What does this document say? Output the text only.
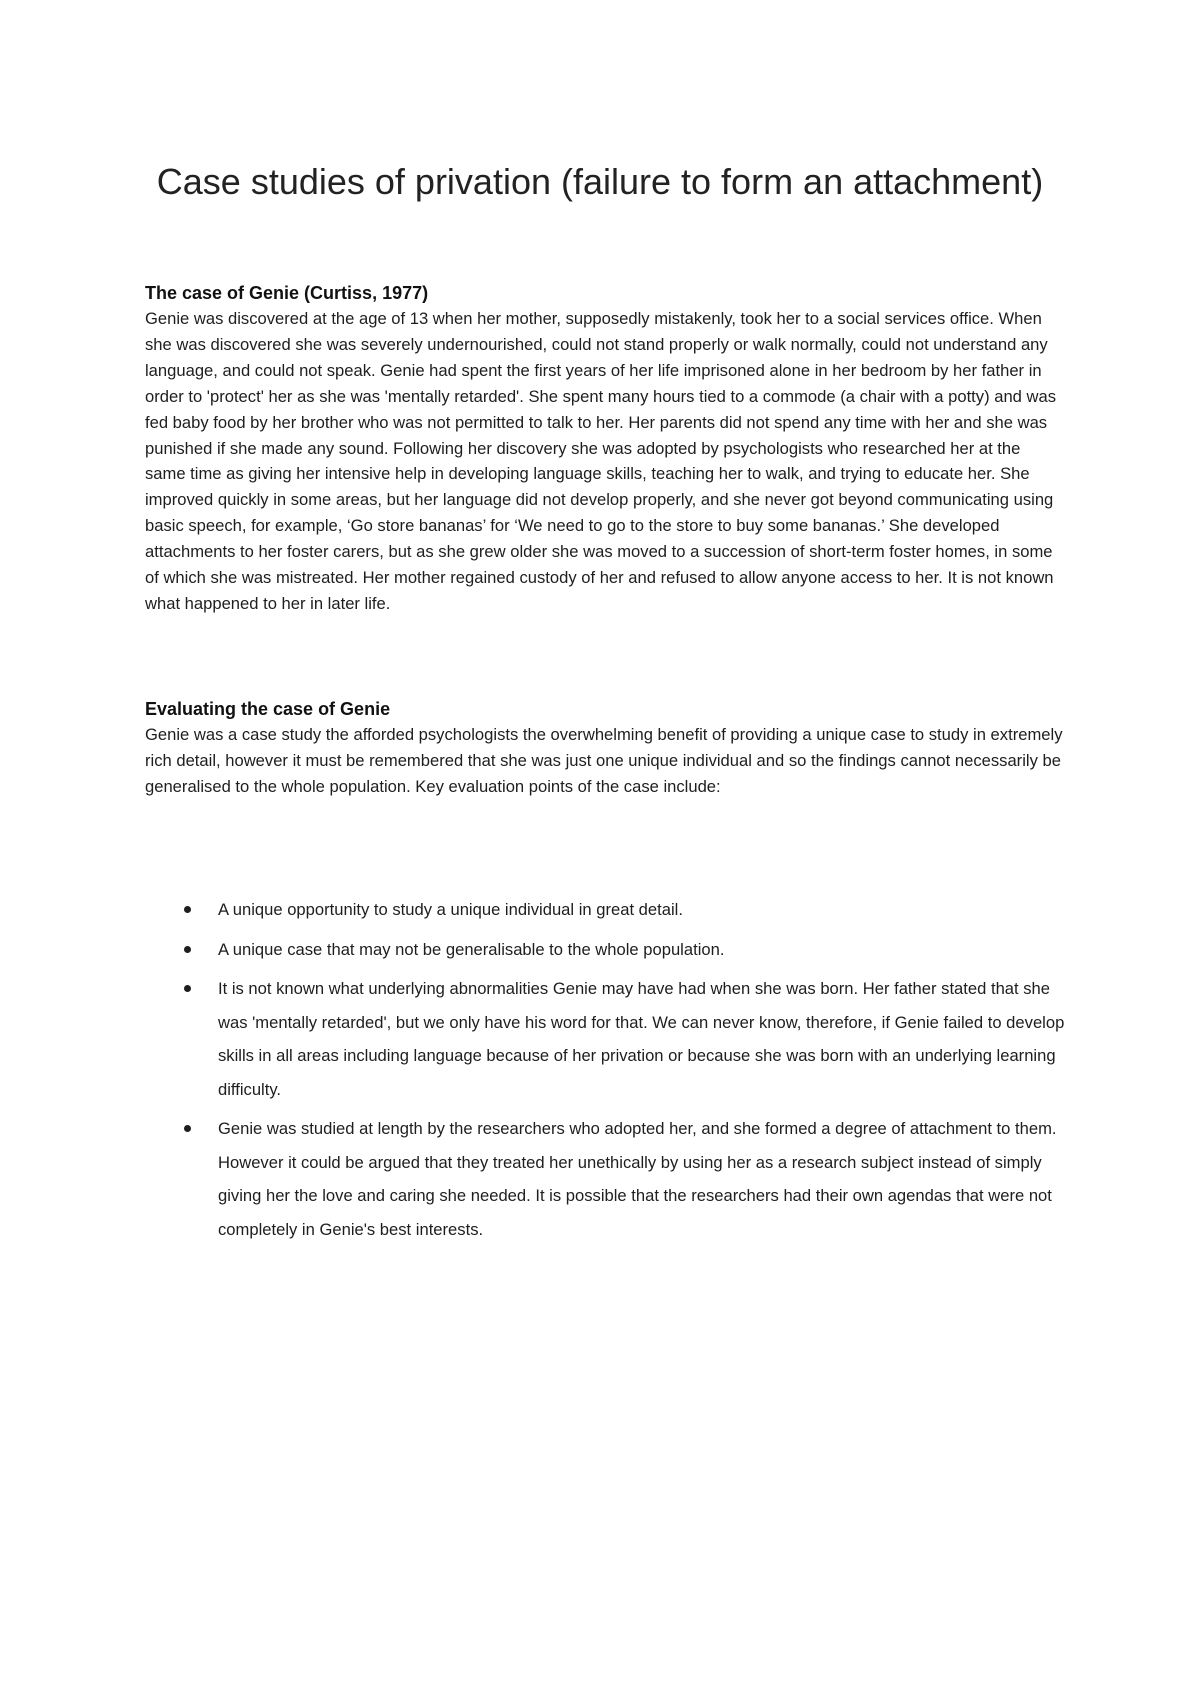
Case studies of privation (failure to form an attachment)
The case of Genie (Curtiss, 1977)

Genie was discovered at the age of 13 when her mother, supposedly mistakenly, took her to a social services office. When she was discovered she was severely undernourished, could not stand properly or walk normally, could not understand any language, and could not speak. Genie had spent the first years of her life imprisoned alone in her bedroom by her father in order to 'protect' her as she was 'mentally retarded'. She spent many hours tied to a commode (a chair with a potty) and was fed baby food by her brother who was not permitted to talk to her. Her parents did not spend any time with her and she was punished if she made any sound. Following her discovery she was adopted by psychologists who researched her at the same time as giving her intensive help in developing language skills, teaching her to walk, and trying to educate her. She improved quickly in some areas, but her language did not develop properly, and she never got beyond communicating using basic speech, for example, ‘Go store bananas’ for ‘We need to go to the store to buy some bananas.’ She developed attachments to her foster carers, but as she grew older she was moved to a succession of short-term foster homes, in some of which she was mistreated. Her mother regained custody of her and refused to allow anyone access to her. It is not known what happened to her in later life.

Evaluating the case of Genie

Genie was a case study the afforded psychologists the overwhelming benefit of providing a unique case to study in extremely rich detail, however it must be remembered that she was just one unique individual and so the findings cannot necessarily be generalised to the whole population. Key evaluation points of the case include:

A unique opportunity to study a unique individual in great detail.
A unique case that may not be generalisable to the whole population.
It is not known what underlying abnormalities Genie may have had when she was born. Her father stated that she was 'mentally retarded', but we only have his word for that. We can never know, therefore, if Genie failed to develop skills in all areas including language because of her privation or because she was born with an underlying learning difficulty.
Genie was studied at length by the researchers who adopted her, and she formed a degree of attachment to them. However it could be argued that they treated her unethically by using her as a research subject instead of simply giving her the love and caring she needed. It is possible that the researchers had their own agendas that were not completely in Genie's best interests.
